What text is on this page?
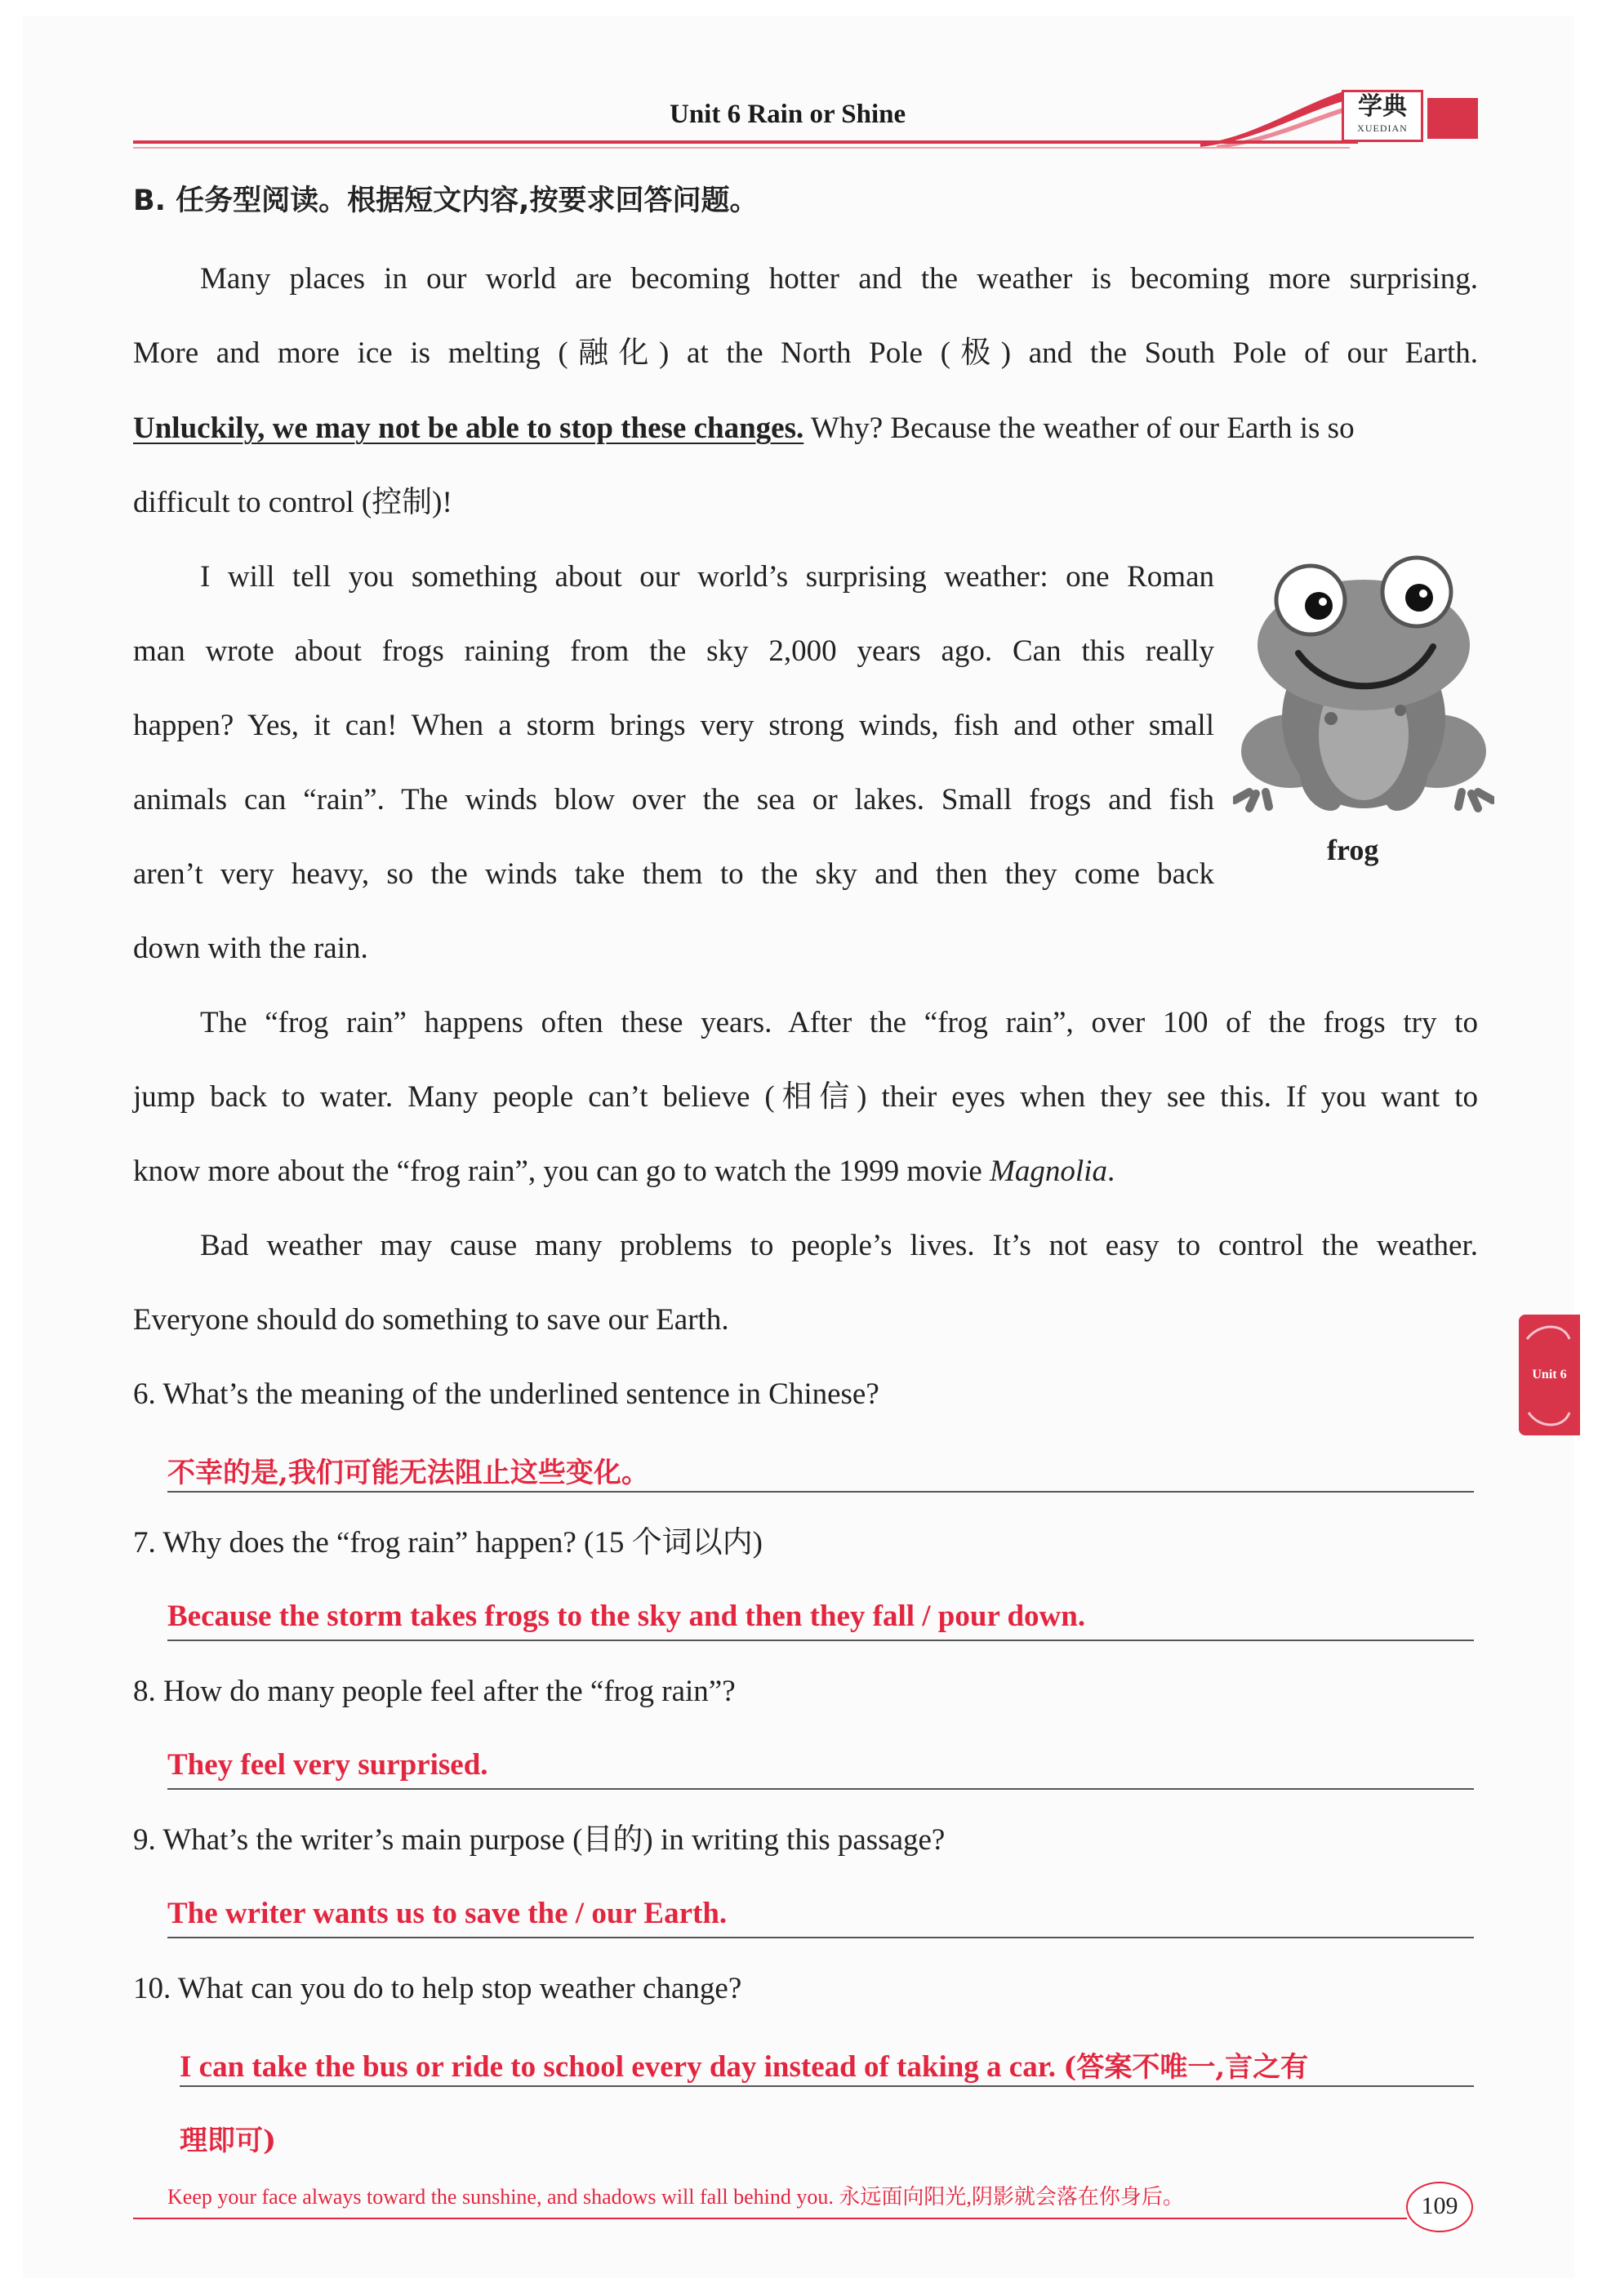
Unit 6 Rain or Shine	学典
XUEDIAN
B. 任务型阅读。根据短文内容,按要求回答问题。
Many places in our world are becoming hotter and the weather is becoming more surprising.
More and more ice is melting (融化) at the North Pole (极) and the South Pole of our Earth.
Unluckily, we may not be able to stop these changes. Why? Because the weather of our Earth is so
difficult to control (控制)!
I will tell you something about our world’s surprising weather: one Roman
man wrote about frogs raining from the sky 2,000 years ago. Can this really
happen? Yes, it can! When a storm brings very strong winds, fish and other small
animals can “rain”. The winds blow over the sea or lakes. Small frogs and fish
aren’t very heavy, so the winds take them to the sky and then they come back
down with the rain.
frog
The “frog rain” happens often these years. After the “frog rain”, over 100 of the frogs try to
jump back to water. Many people can’t believe (相信) their eyes when they see this. If you want to
know more about the “frog rain”, you can go to watch the 1999 movie Magnolia.
Bad weather may cause many problems to people’s lives. It’s not easy to control the weather.
Everyone should do something to save our Earth.
6. What’s the meaning of the underlined sentence in Chinese?
不幸的是,我们可能无法阻止这些变化。
7. Why does the “frog rain” happen? (15 个词以内)
Because the storm takes frogs to the sky and then they fall / pour down.
8. How do many people feel after the “frog rain”?
They feel very surprised.
9. What’s the writer’s main purpose (目的) in writing this passage?
The writer wants us to save the / our Earth.
10. What can you do to help stop weather change?
I can take the bus or ride to school every day instead of taking a car. (答案不唯一,言之有
理即可)
Unit 6
Keep your face always toward the sunshine, and shadows will fall behind you. 永远面向阳光,阴影就会落在你身后。	109
